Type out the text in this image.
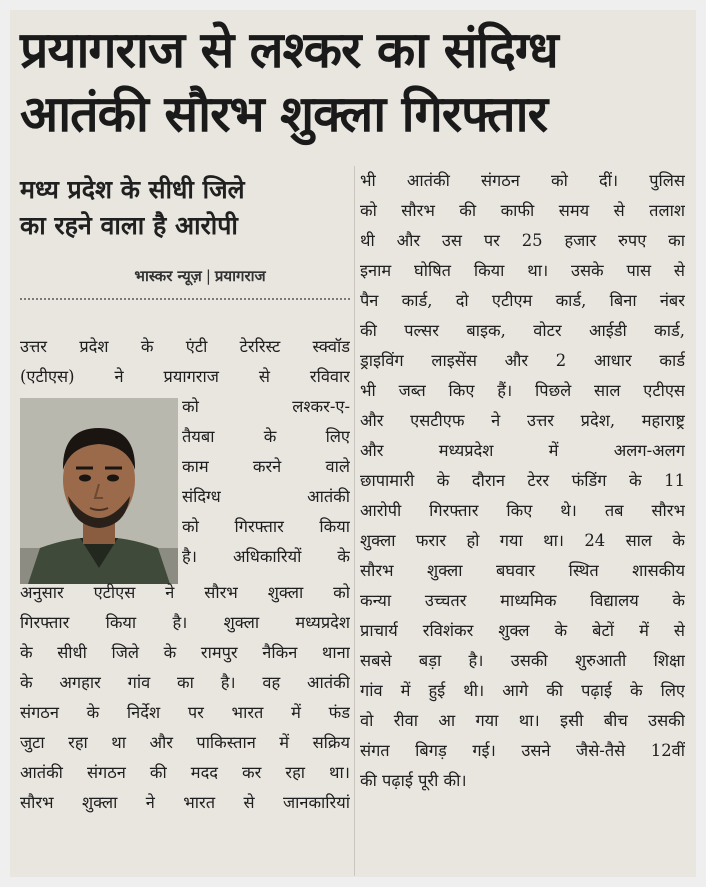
प्रयागराज से लश्कर का संदिग्ध
आतंकी सौरभ शुक्ला गिरफ्तार
मध्य प्रदेश के सीधी जिले
का रहने वाला है आरोपी
भास्कर न्यूज़ | प्रयागराज
उत्तर प्रदेश के एंटी टेररिस्ट स्क्वॉड
(एटीएस) ने प्रयागराज से रविवार
को लश्कर-ए-
तैयबा के लिए
काम करने वाले
संदिग्ध आतंकी
को गिरफ्तार किया
है। अधिकारियों के
अनुसार एटीएस ने सौरभ शुक्ला को
गिरफ्तार किया है। शुक्ला मध्यप्रदेश
के सीधी जिले के रामपुर नैकिन थाना
के अगहार गांव का है। वह आतंकी
संगठन के निर्देश पर भारत में फंड
जुटा रहा था और पाकिस्तान में सक्रिय
आतंकी संगठन की मदद कर रहा था।
सौरभ शुक्ला ने भारत से जानकारियां
भी आतंकी संगठन को दीं। पुलिस
को सौरभ की काफी समय से तलाश
थी और उस पर 25 हजार रुपए का
इनाम घोषित किया था। उसके पास से
पैन कार्ड, दो एटीएम कार्ड, बिना नंबर
की पल्सर बाइक, वोटर आईडी कार्ड,
ड्राइविंग लाइसेंस और 2 आधार कार्ड
भी जब्त किए हैं। पिछले साल एटीएस
और एसटीएफ ने उत्तर प्रदेश, महाराष्ट्र
और मध्यप्रदेश में अलग-अलग
छापामारी के दौरान टेरर फंडिंग के 11
आरोपी गिरफ्तार किए थे। तब सौरभ
शुक्ला फरार हो गया था। 24 साल के
सौरभ शुक्ला बघवार स्थित शासकीय
कन्या उच्चतर माध्यमिक विद्यालय के
प्राचार्य रविशंकर शुक्ल के बेटों में से
सबसे बड़ा है। उसकी शुरुआती शिक्षा
गांव में हुई थी। आगे की पढ़ाई के लिए
वो रीवा आ गया था। इसी बीच उसकी
संगत बिगड़ गई। उसने जैसे-तैसे 12वीं
की पढ़ाई पूरी की।
